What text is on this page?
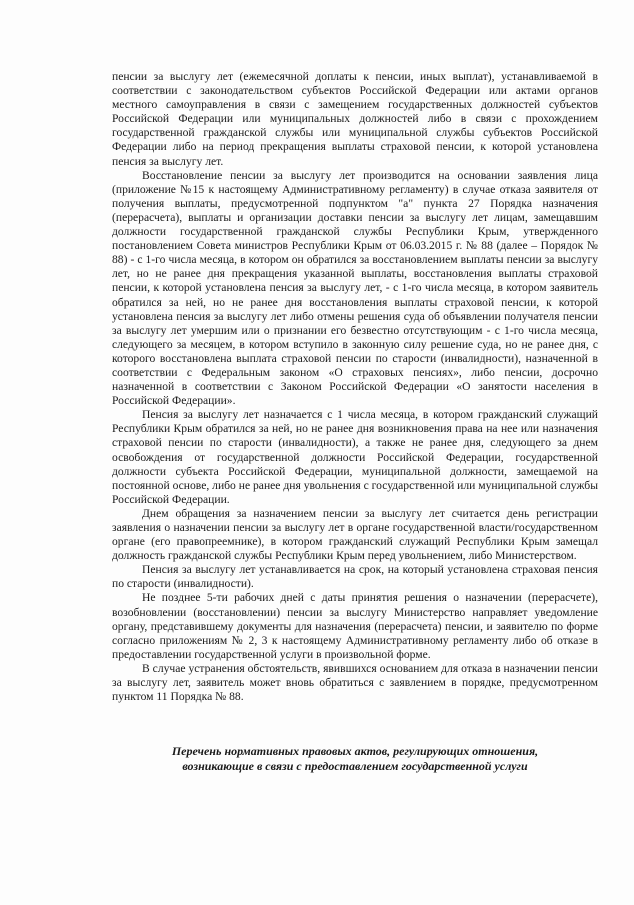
пенсии за выслугу лет (ежемесячной доплаты к пенсии, иных выплат), устанавливаемой в соответствии с законодательством субъектов Российской Федерации или актами органов местного самоуправления в связи с замещением государственных должностей субъектов Российской Федерации или муниципальных должностей либо в связи с прохождением государственной гражданской службы или муниципальной службы субъектов Российской Федерации либо на период прекращения выплаты страховой пенсии, к которой установлена пенсия за выслугу лет.

Восстановление пенсии за выслугу лет производится на основании заявления лица (приложение №15 к настоящему Административному регламенту) в случае отказа заявителя от получения выплаты, предусмотренной подпунктом "а" пункта 27 Порядка назначения (перерасчета), выплаты и организации доставки пенсии за выслугу лет лицам, замещавшим должности государственной гражданской службы Республики Крым, утвержденного постановлением Совета министров Республики Крым от 06.03.2015 г. № 88 (далее – Порядок № 88) - с 1-го числа месяца, в котором он обратился за восстановлением выплаты пенсии за выслугу лет, но не ранее дня прекращения указанной выплаты, восстановления выплаты страховой пенсии, к которой установлена пенсия за выслугу лет, - с 1-го числа месяца, в котором заявитель обратился за ней, но не ранее дня восстановления выплаты страховой пенсии, к которой установлена пенсия за выслугу лет либо отмены решения суда об объявлении получателя пенсии за выслугу лет умершим или о признании его безвестно отсутствующим - с 1-го числа месяца, следующего за месяцем, в котором вступило в законную силу решение суда, но не ранее дня, с которого восстановлена выплата страховой пенсии по старости (инвалидности), назначенной в соответствии с Федеральным законом «О страховых пенсиях», либо пенсии, досрочно назначенной в соответствии с Законом Российской Федерации «О занятости населения в Российской Федерации».

Пенсия за выслугу лет назначается с 1 числа месяца, в котором гражданский служащий Республики Крым обратился за ней, но не ранее дня возникновения права на нее или назначения страховой пенсии по старости (инвалидности), а также не ранее дня, следующего за днем освобождения от государственной должности Российской Федерации, государственной должности субъекта Российской Федерации, муниципальной должности, замещаемой на постоянной основе, либо не ранее дня увольнения с государственной или муниципальной службы Российской Федерации.

Днем обращения за назначением пенсии за выслугу лет считается день регистрации заявления о назначении пенсии за выслугу лет в органе государственной власти/государственном органе (его правопреемнике), в котором гражданский служащий Республики Крым замещал должность гражданской службы Республики Крым перед увольнением, либо Министерством.

Пенсия за выслугу лет устанавливается на срок, на который установлена страховая пенсия по старости (инвалидности).

Не позднее 5-ти рабочих дней с даты принятия решения о назначении (перерасчете), возобновлении (восстановлении) пенсии за выслугу Министерство направляет уведомление органу, представившему документы для назначения (перерасчета) пенсии, и заявителю по форме согласно приложениям № 2, 3 к настоящему Административному регламенту либо об отказе в предоставлении государственной услуги в произвольной форме.

В случае устранения обстоятельств, явившихся основанием для отказа в назначении пенсии за выслугу лет, заявитель может вновь обратиться с заявлением в порядке, предусмотренном пунктом 11 Порядка № 88.

Перечень нормативных правовых актов, регулирующих отношения,
возникающие в связи с предоставлением государственной услуги
